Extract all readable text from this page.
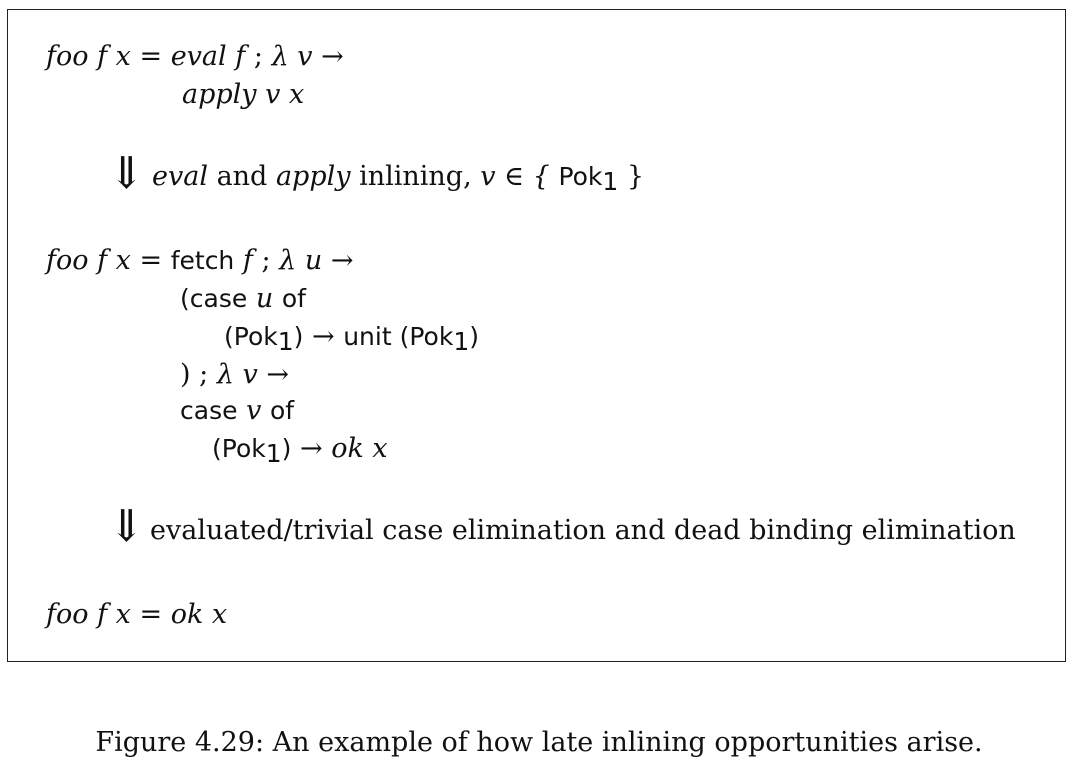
foo f x = eval f ; λ v →
apply v x
⇓ eval and apply inlining, v ∈ { Pok$_1$ }
foo f x = fetch f ; λ u →
(case u of
(Pok$_1$) → unit (Pok$_1$)
) ; λ v →
case v of
(Pok$_1$) → ok x
⇓ evaluated/trivial case elimination and dead binding elimination
foo f x = ok x
Figure 4.29: An example of how late inlining opportunities arise.
